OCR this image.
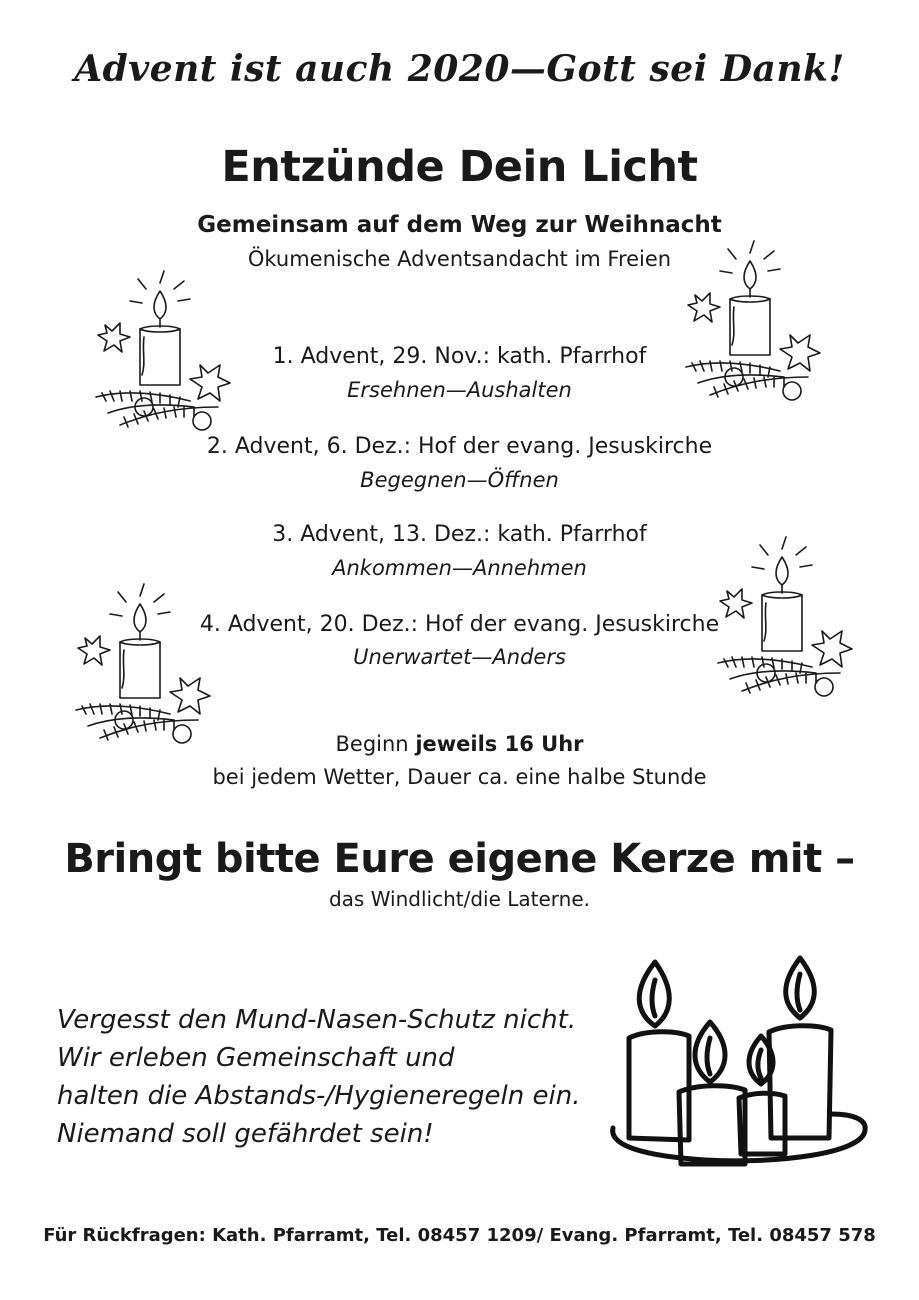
Advent ist auch 2020—Gott sei Dank!
Entzünde Dein Licht
Gemeinsam auf dem Weg zur Weihnacht
Ökumenische Adventsandacht im Freien
1. Advent, 29. Nov.: kath. Pfarrhof
Ersehnen—Aushalten
2. Advent, 6. Dez.: Hof der evang. Jesuskirche
Begegnen—Öffnen
3. Advent, 13. Dez.: kath. Pfarrhof
Ankommen—Annehmen
4. Advent, 20. Dez.: Hof der evang. Jesuskirche
Unerwartet—Anders
Beginn jeweils 16 Uhr
bei jedem Wetter, Dauer ca. eine halbe Stunde
Bringt bitte Eure eigene Kerze mit –
das Windlicht/die Laterne.
Vergesst den Mund-Nasen-Schutz nicht.
Wir erleben Gemeinschaft und
halten die Abstands-/Hygieneregeln ein.
Niemand soll gefährdet sein!
Für Rückfragen: Kath. Pfarramt, Tel. 08457 1209/ Evang. Pfarramt, Tel. 08457 578
